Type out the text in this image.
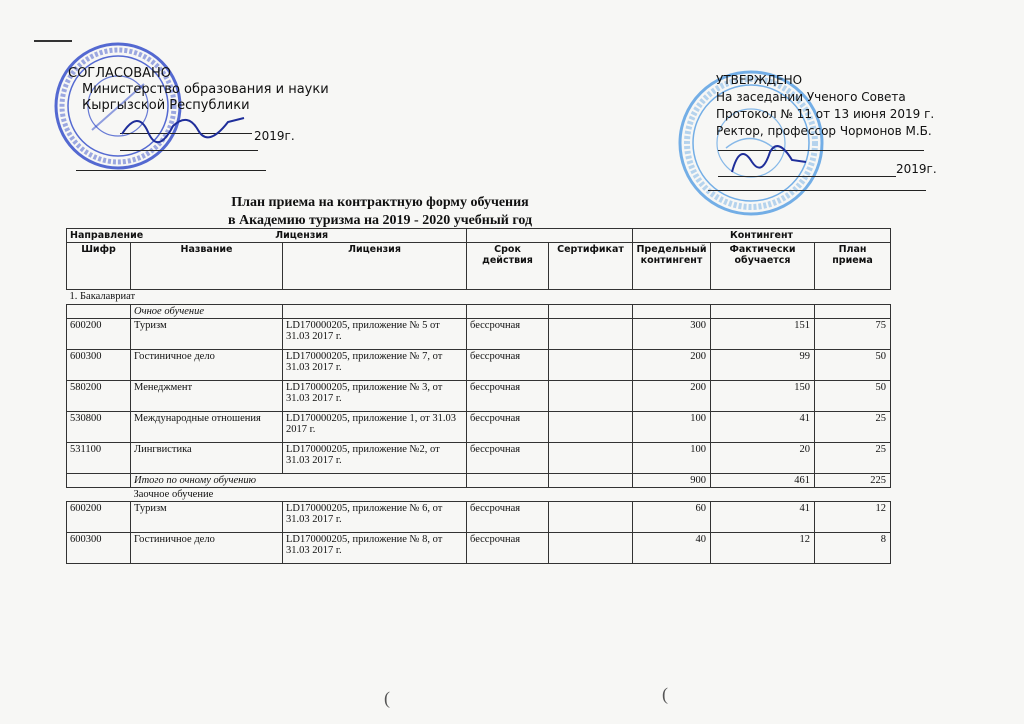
СОГЛАСОВАНО
Министерство образования и науки
Кыргызской Республики
2019г.
УТВЕРЖДЕНО
На заседании Ученого Совета
Протокол № 11 от 13 июня 2019 г.
Ректор, профессор Чормонов М.Б.
2019г.
План приема на контрактную форму обучения
в Академию туризма на 2019 - 2020 учебный год
Направление Лицензия					Контингент		
Шифр	Название	Лицензия	Срок действия	Сертификат	Предельный контингент	Фактически обучается	План приема
1. Бакалавриат							
	Очное обучение						
600200	Туризм	LD170000205, приложение № 5 от 31.03 2017 г.	бессрочная		300	151	75
600300	Гостиничное дело	LD170000205, приложение № 7, от 31.03 2017 г.	бессрочная		200	99	50
580200	Менеджмент	LD170000205, приложение № 3, от 31.03 2017 г.	бессрочная		200	150	50
530800	Международные отношения	LD170000205, приложение 1, от 31.03 2017 г.	бессрочная		100	41	25
531100	Лингвистика	LD170000205, приложение №2, от 31.03 2017 г.	бессрочная		100	20	25
	Итого по очному обучению				900	461	225
	Заочное обучение						
600200	Туризм	LD170000205, приложение № 6, от 31.03 2017 г.	бессрочная		60	41	12
600300	Гостиничное дело	LD170000205, приложение № 8, от 31.03 2017 г.	бессрочная		40	12	8
(	(
